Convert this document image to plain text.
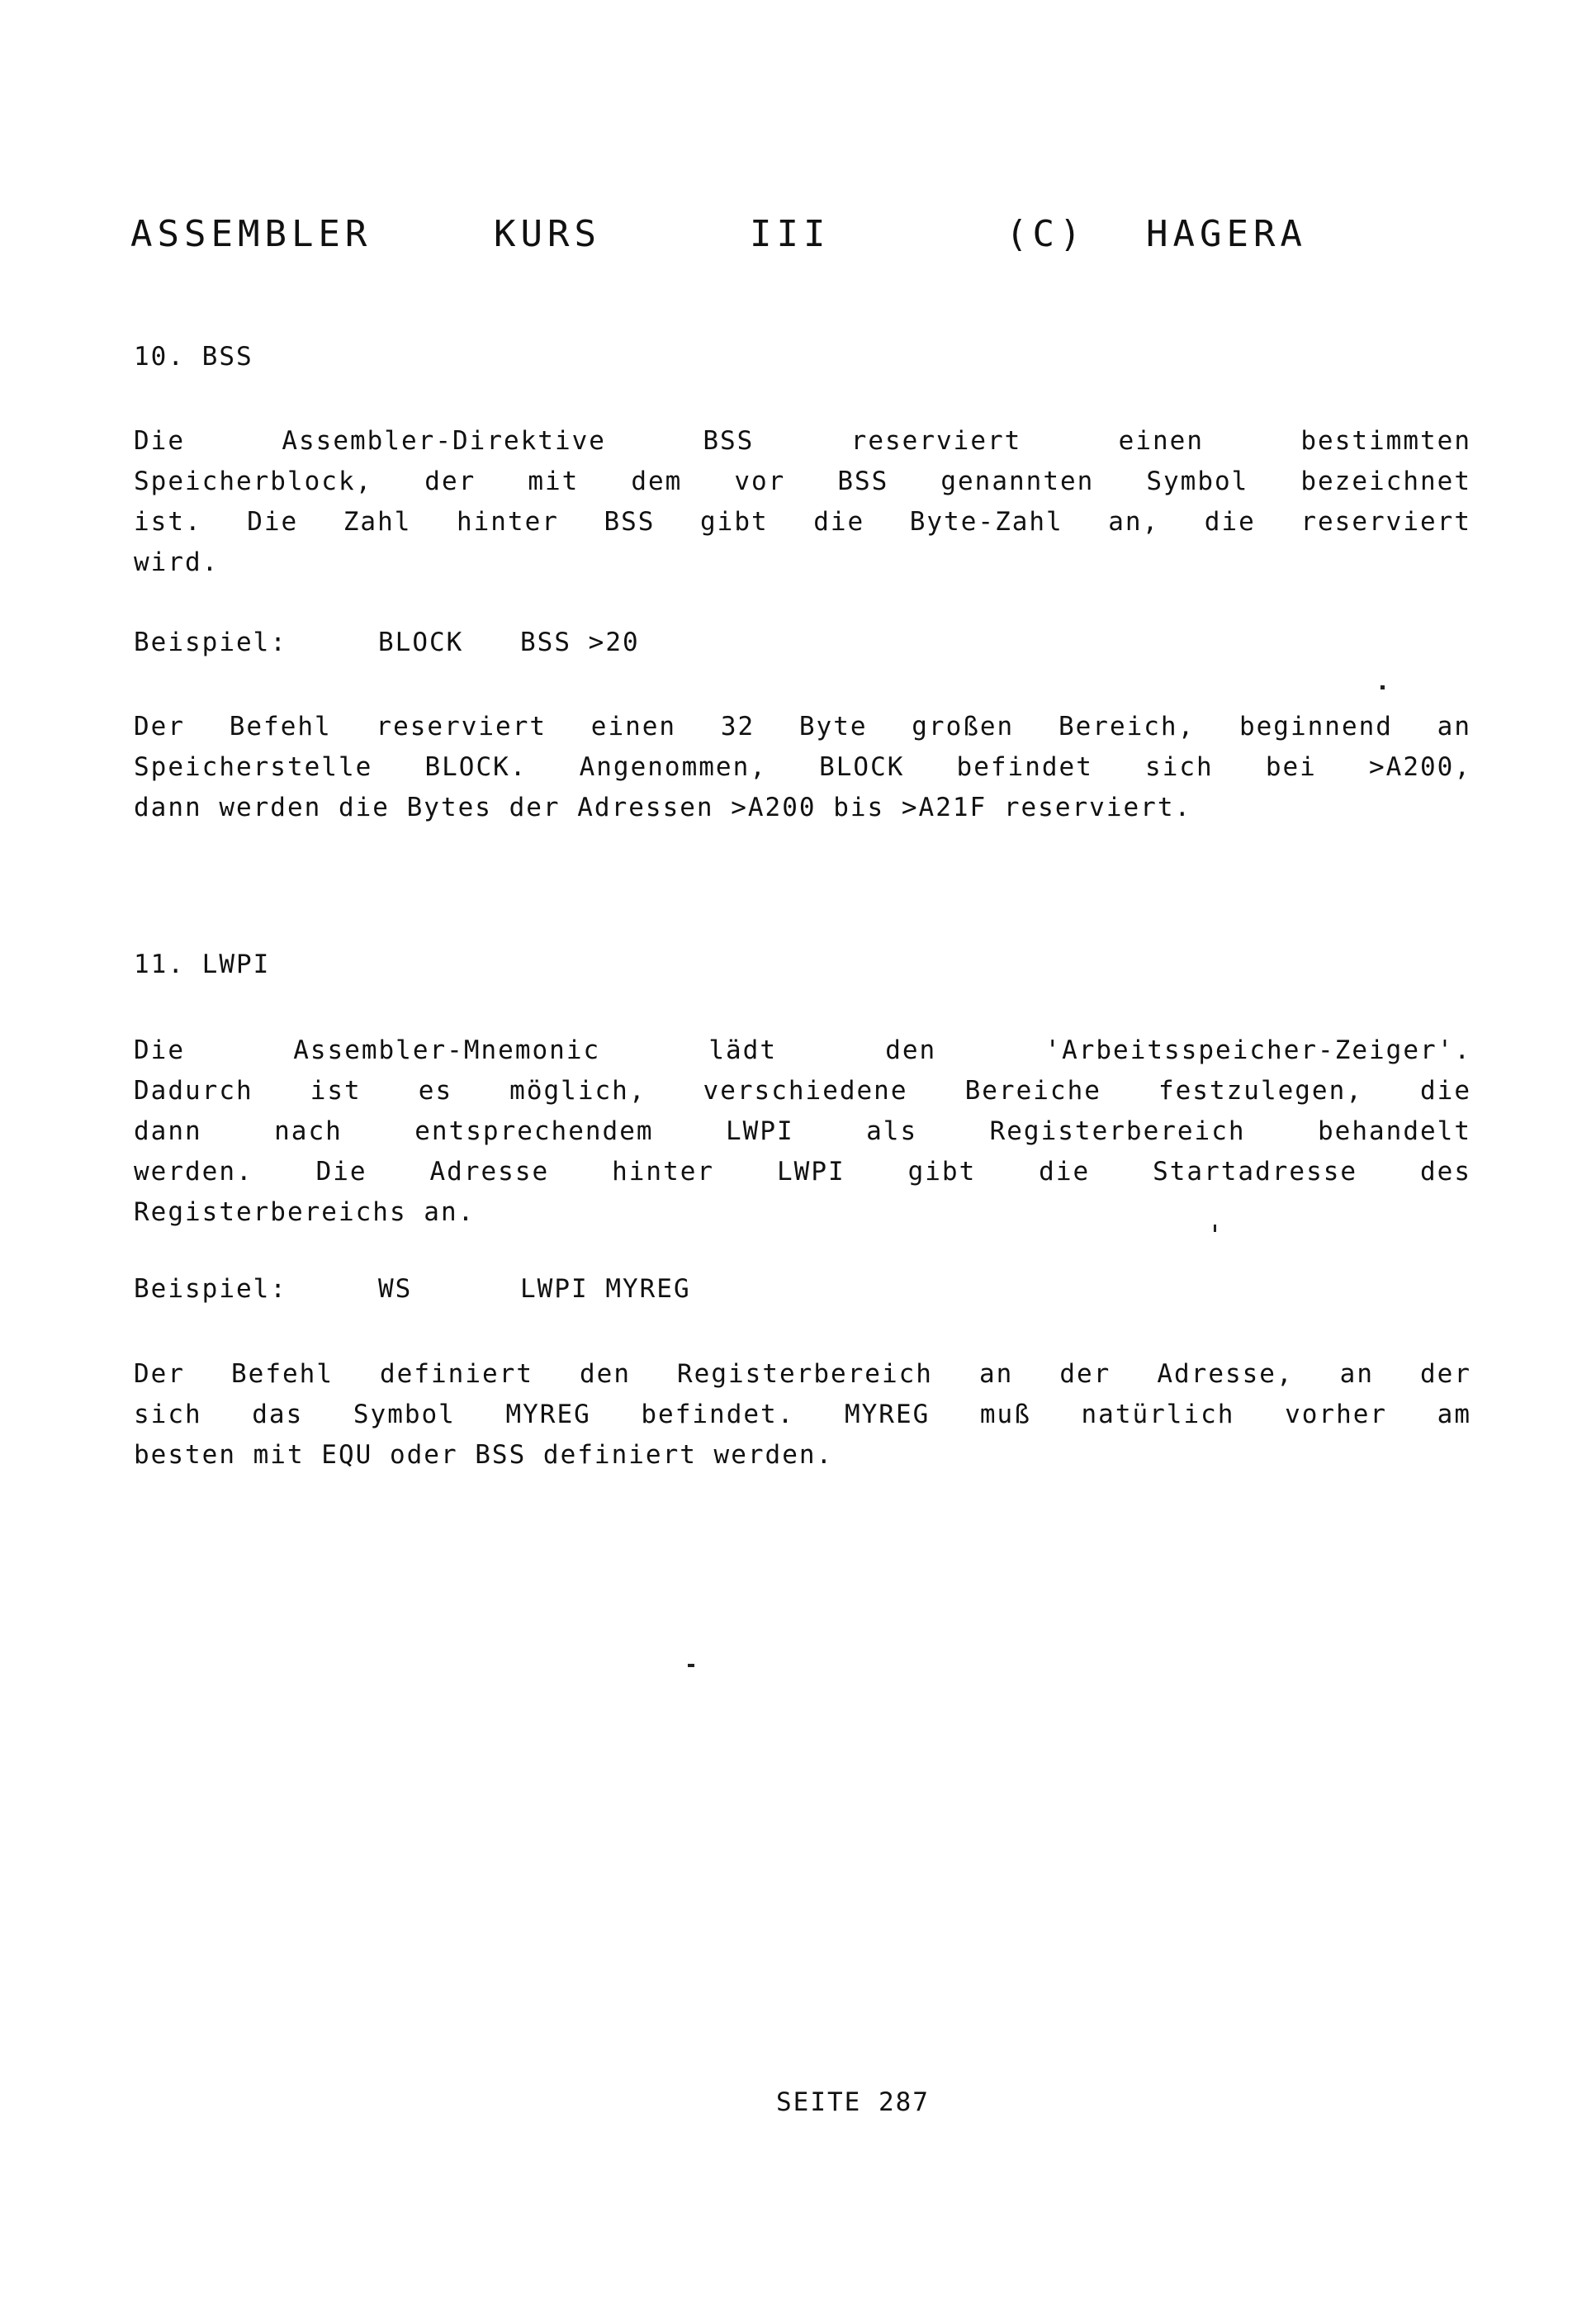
ASSEMBLER	KURS	III	(C) HAGERA
10. BSS
Die Assembler-Direktive BSS reserviert einen bestimmten
Speicherblock, der mit dem vor BSS genannten Symbol bezeichnet
ist. Die Zahl hinter BSS gibt die Byte-Zahl an, die reserviert
wird.
Beispiel:	BLOCK BSS >20
Der Befehl reserviert einen 32 Byte großen Bereich, beginnend an
Speicherstelle BLOCK. Angenommen, BLOCK befindet sich bei >A200,
dann werden die Bytes der Adressen >A200 bis >A21F reserviert.
11. LWPI
Die Assembler-Mnemonic lädt den 'Arbeitsspeicher-Zeiger'.
Dadurch ist es möglich, verschiedene Bereiche festzulegen, die
dann nach entsprechendem LWPI als Registerbereich behandelt
werden. Die Adresse hinter LWPI gibt die Startadresse des
Registerbereichs an.
Beispiel:	WS	LWPI MYREG
Der Befehl definiert den Registerbereich an der Adresse, an der
sich das Symbol MYREG befindet. MYREG muß natürlich vorher am
besten mit EQU oder BSS definiert werden.
SEITE 287
